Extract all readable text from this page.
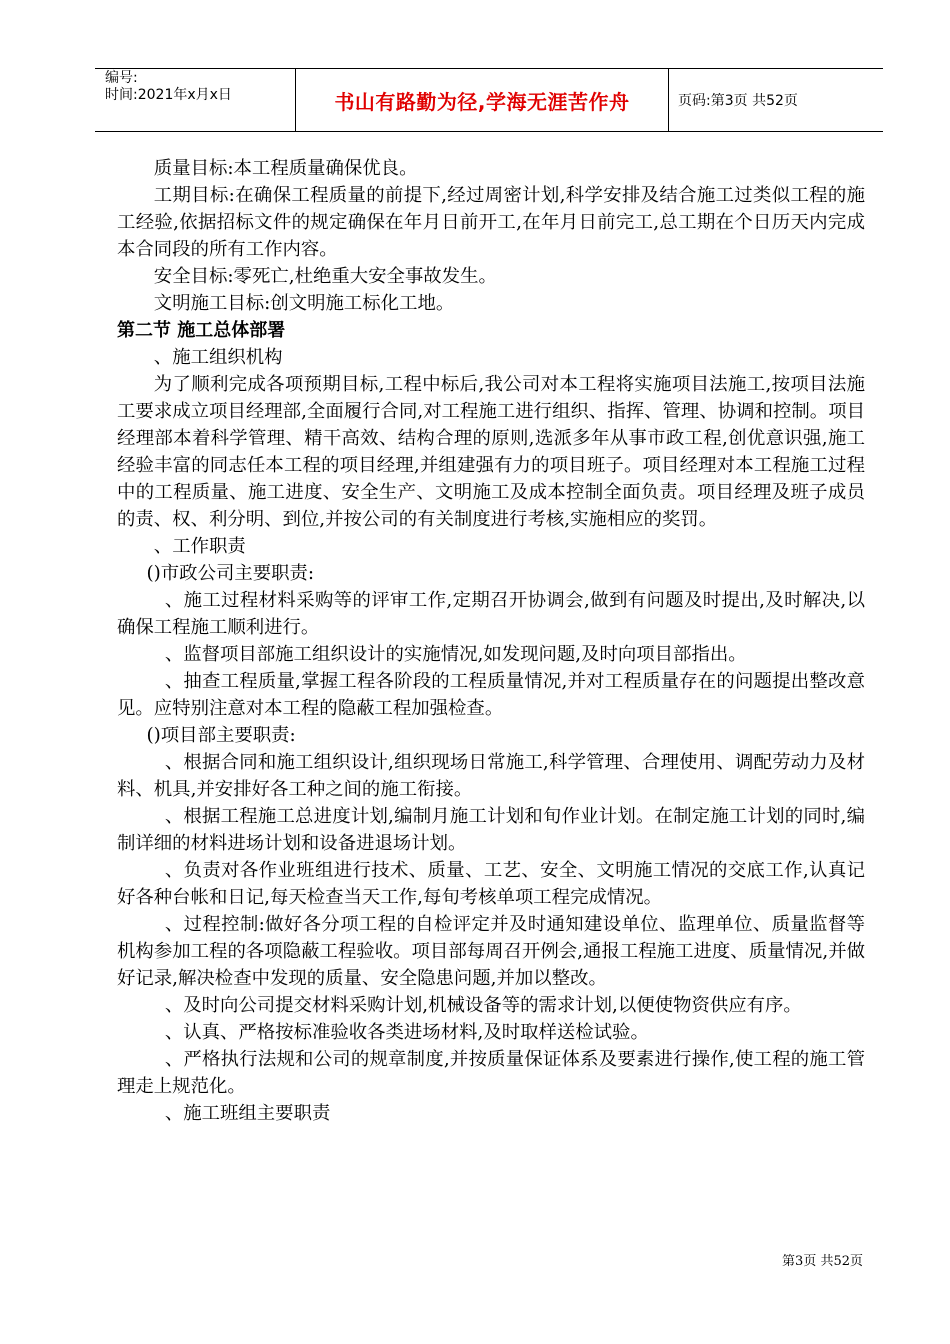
编号:
时间:2021年x月x日	书山有路勤为径,学海无涯苦作舟	页码:第3页 共52页

质量目标:本工程质量确保优良。

工期目标:在确保工程质量的前提下,经过周密计划,科学安排及结合施工过类似工程的施工经验,依据招标文件的规定确保在年月日前开工,在年月日前完工,总工期在个日历天内完成本合同段的所有工作内容。

安全目标:零死亡,杜绝重大安全事故发生。

文明施工目标:创文明施工标化工地。

第二节 施工总体部署

、施工组织机构

为了顺利完成各项预期目标,工程中标后,我公司对本工程将实施项目法施工,按项目法施工要求成立项目经理部,全面履行合同,对工程施工进行组织、指挥、管理、协调和控制。项目经理部本着科学管理、精干高效、结构合理的原则,选派多年从事市政工程,创优意识强,施工经验丰富的同志任本工程的项目经理,并组建强有力的项目班子。项目经理对本工程施工过程中的工程质量、施工进度、安全生产、文明施工及成本控制全面负责。项目经理及班子成员的责、权、利分明、到位,并按公司的有关制度进行考核,实施相应的奖罚。

、工作职责

()市政公司主要职责:

、施工过程材料采购等的评审工作,定期召开协调会,做到有问题及时提出,及时解决,以确保工程施工顺利进行。

、监督项目部施工组织设计的实施情况,如发现问题,及时向项目部指出。

、抽查工程质量,掌握工程各阶段的工程质量情况,并对工程质量存在的问题提出整改意见。应特别注意对本工程的隐蔽工程加强检查。

()项目部主要职责:

、根据合同和施工组织设计,组织现场日常施工,科学管理、合理使用、调配劳动力及材料、机具,并安排好各工种之间的施工衔接。

、根据工程施工总进度计划,编制月施工计划和旬作业计划。在制定施工计划的同时,编制详细的材料进场计划和设备进退场计划。

、负责对各作业班组进行技术、质量、工艺、安全、文明施工情况的交底工作,认真记好各种台帐和日记,每天检查当天工作,每旬考核单项工程完成情况。

、过程控制:做好各分项工程的自检评定并及时通知建设单位、监理单位、质量监督等机构参加工程的各项隐蔽工程验收。项目部每周召开例会,通报工程施工进度、质量情况,并做好记录,解决检查中发现的质量、安全隐患问题,并加以整改。

、及时向公司提交材料采购计划,机械设备等的需求计划,以便使物资供应有序。

、认真、严格按标准验收各类进场材料,及时取样送检试验。

、严格执行法规和公司的规章制度,并按质量保证体系及要素进行操作,使工程的施工管理走上规范化。

、施工班组主要职责

第3页 共52页
